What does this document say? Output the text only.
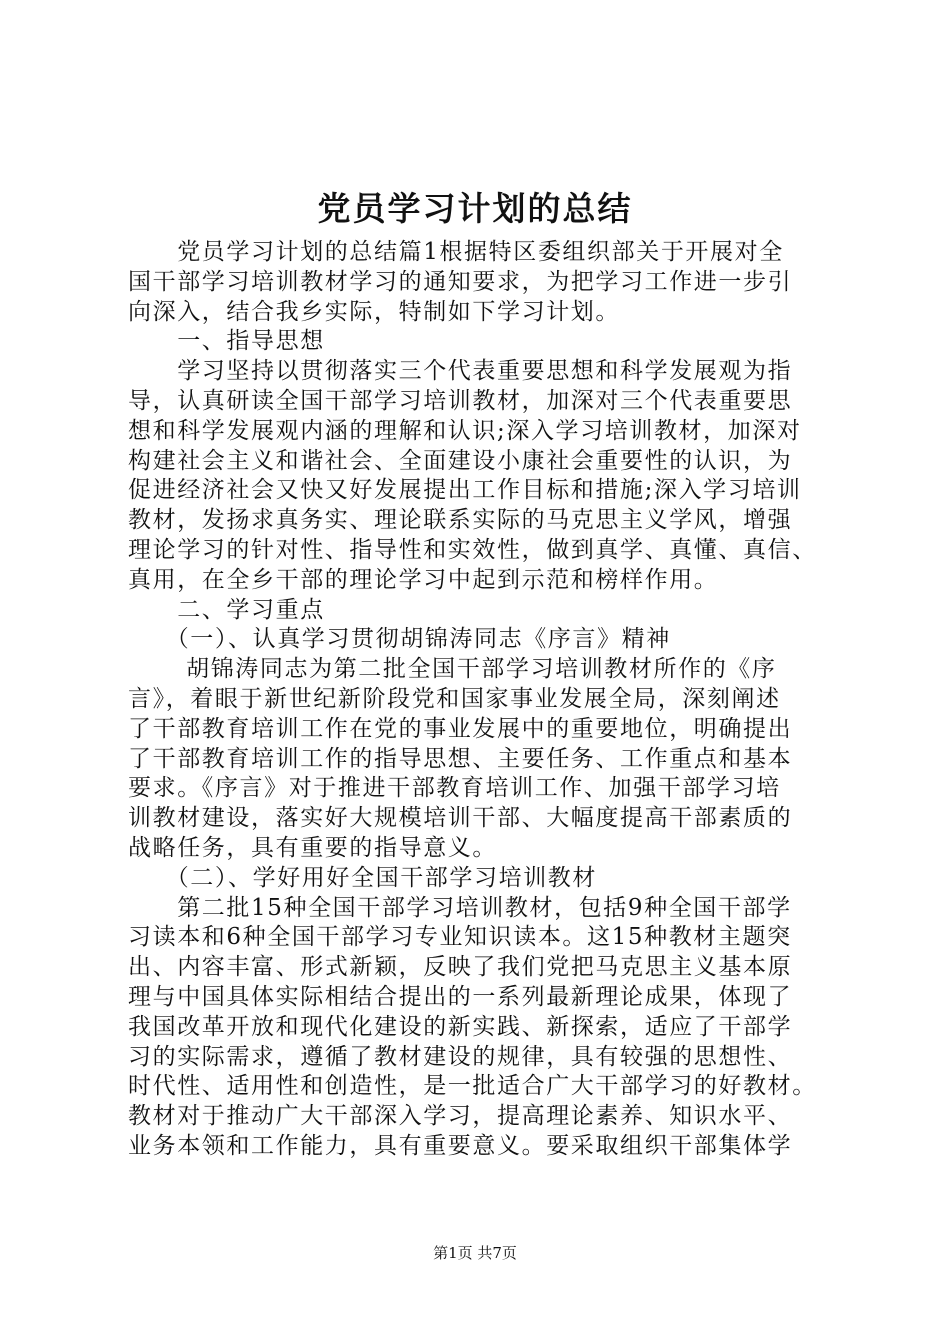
党员学习计划的总结
　　党员学习计划的总结篇1根据特区委组织部关于开展对全
国干部学习培训教材学习的通知要求，为把学习工作进一步引
向深入，结合我乡实际，特制如下学习计划。
　　一、指导思想
　　学习坚持以贯彻落实三个代表重要思想和科学发展观为指
导，认真研读全国干部学习培训教材，加深对三个代表重要思
想和科学发展观内涵的理解和认识;深入学习培训教材，加深对
构建社会主义和谐社会、全面建设小康社会重要性的认识，为
促进经济社会又快又好发展提出工作目标和措施;深入学习培训
教材，发扬求真务实、理论联系实际的马克思主义学风，增强
理论学习的针对性、指导性和实效性，做到真学、真懂、真信、
真用，在全乡干部的理论学习中起到示范和榜样作用。
　　二、学习重点
　　（一）、认真学习贯彻胡锦涛同志《序言》精神
　　 胡锦涛同志为第二批全国干部学习培训教材所作的《序
言》，着眼于新世纪新阶段党和国家事业发展全局，深刻阐述
了干部教育培训工作在党的事业发展中的重要地位，明确提出
了干部教育培训工作的指导思想、主要任务、工作重点和基本
要求。《序言》对于推进干部教育培训工作、加强干部学习培
训教材建设，落实好大规模培训干部、大幅度提高干部素质的
战略任务，具有重要的指导意义。
　　（二）、学好用好全国干部学习培训教材
　　第二批15种全国干部学习培训教材，包括9种全国干部学
习读本和6种全国干部学习专业知识读本。这15种教材主题突
出、内容丰富、形式新颖，反映了我们党把马克思主义基本原
理与中国具体实际相结合提出的一系列最新理论成果，体现了
我国改革开放和现代化建设的新实践、新探索，适应了干部学
习的实际需求，遵循了教材建设的规律，具有较强的思想性、
时代性、适用性和创造性，是一批适合广大干部学习的好教材。
教材对于推动广大干部深入学习，提高理论素养、知识水平、
业务本领和工作能力，具有重要意义。要采取组织干部集体学
第1页 共7页
